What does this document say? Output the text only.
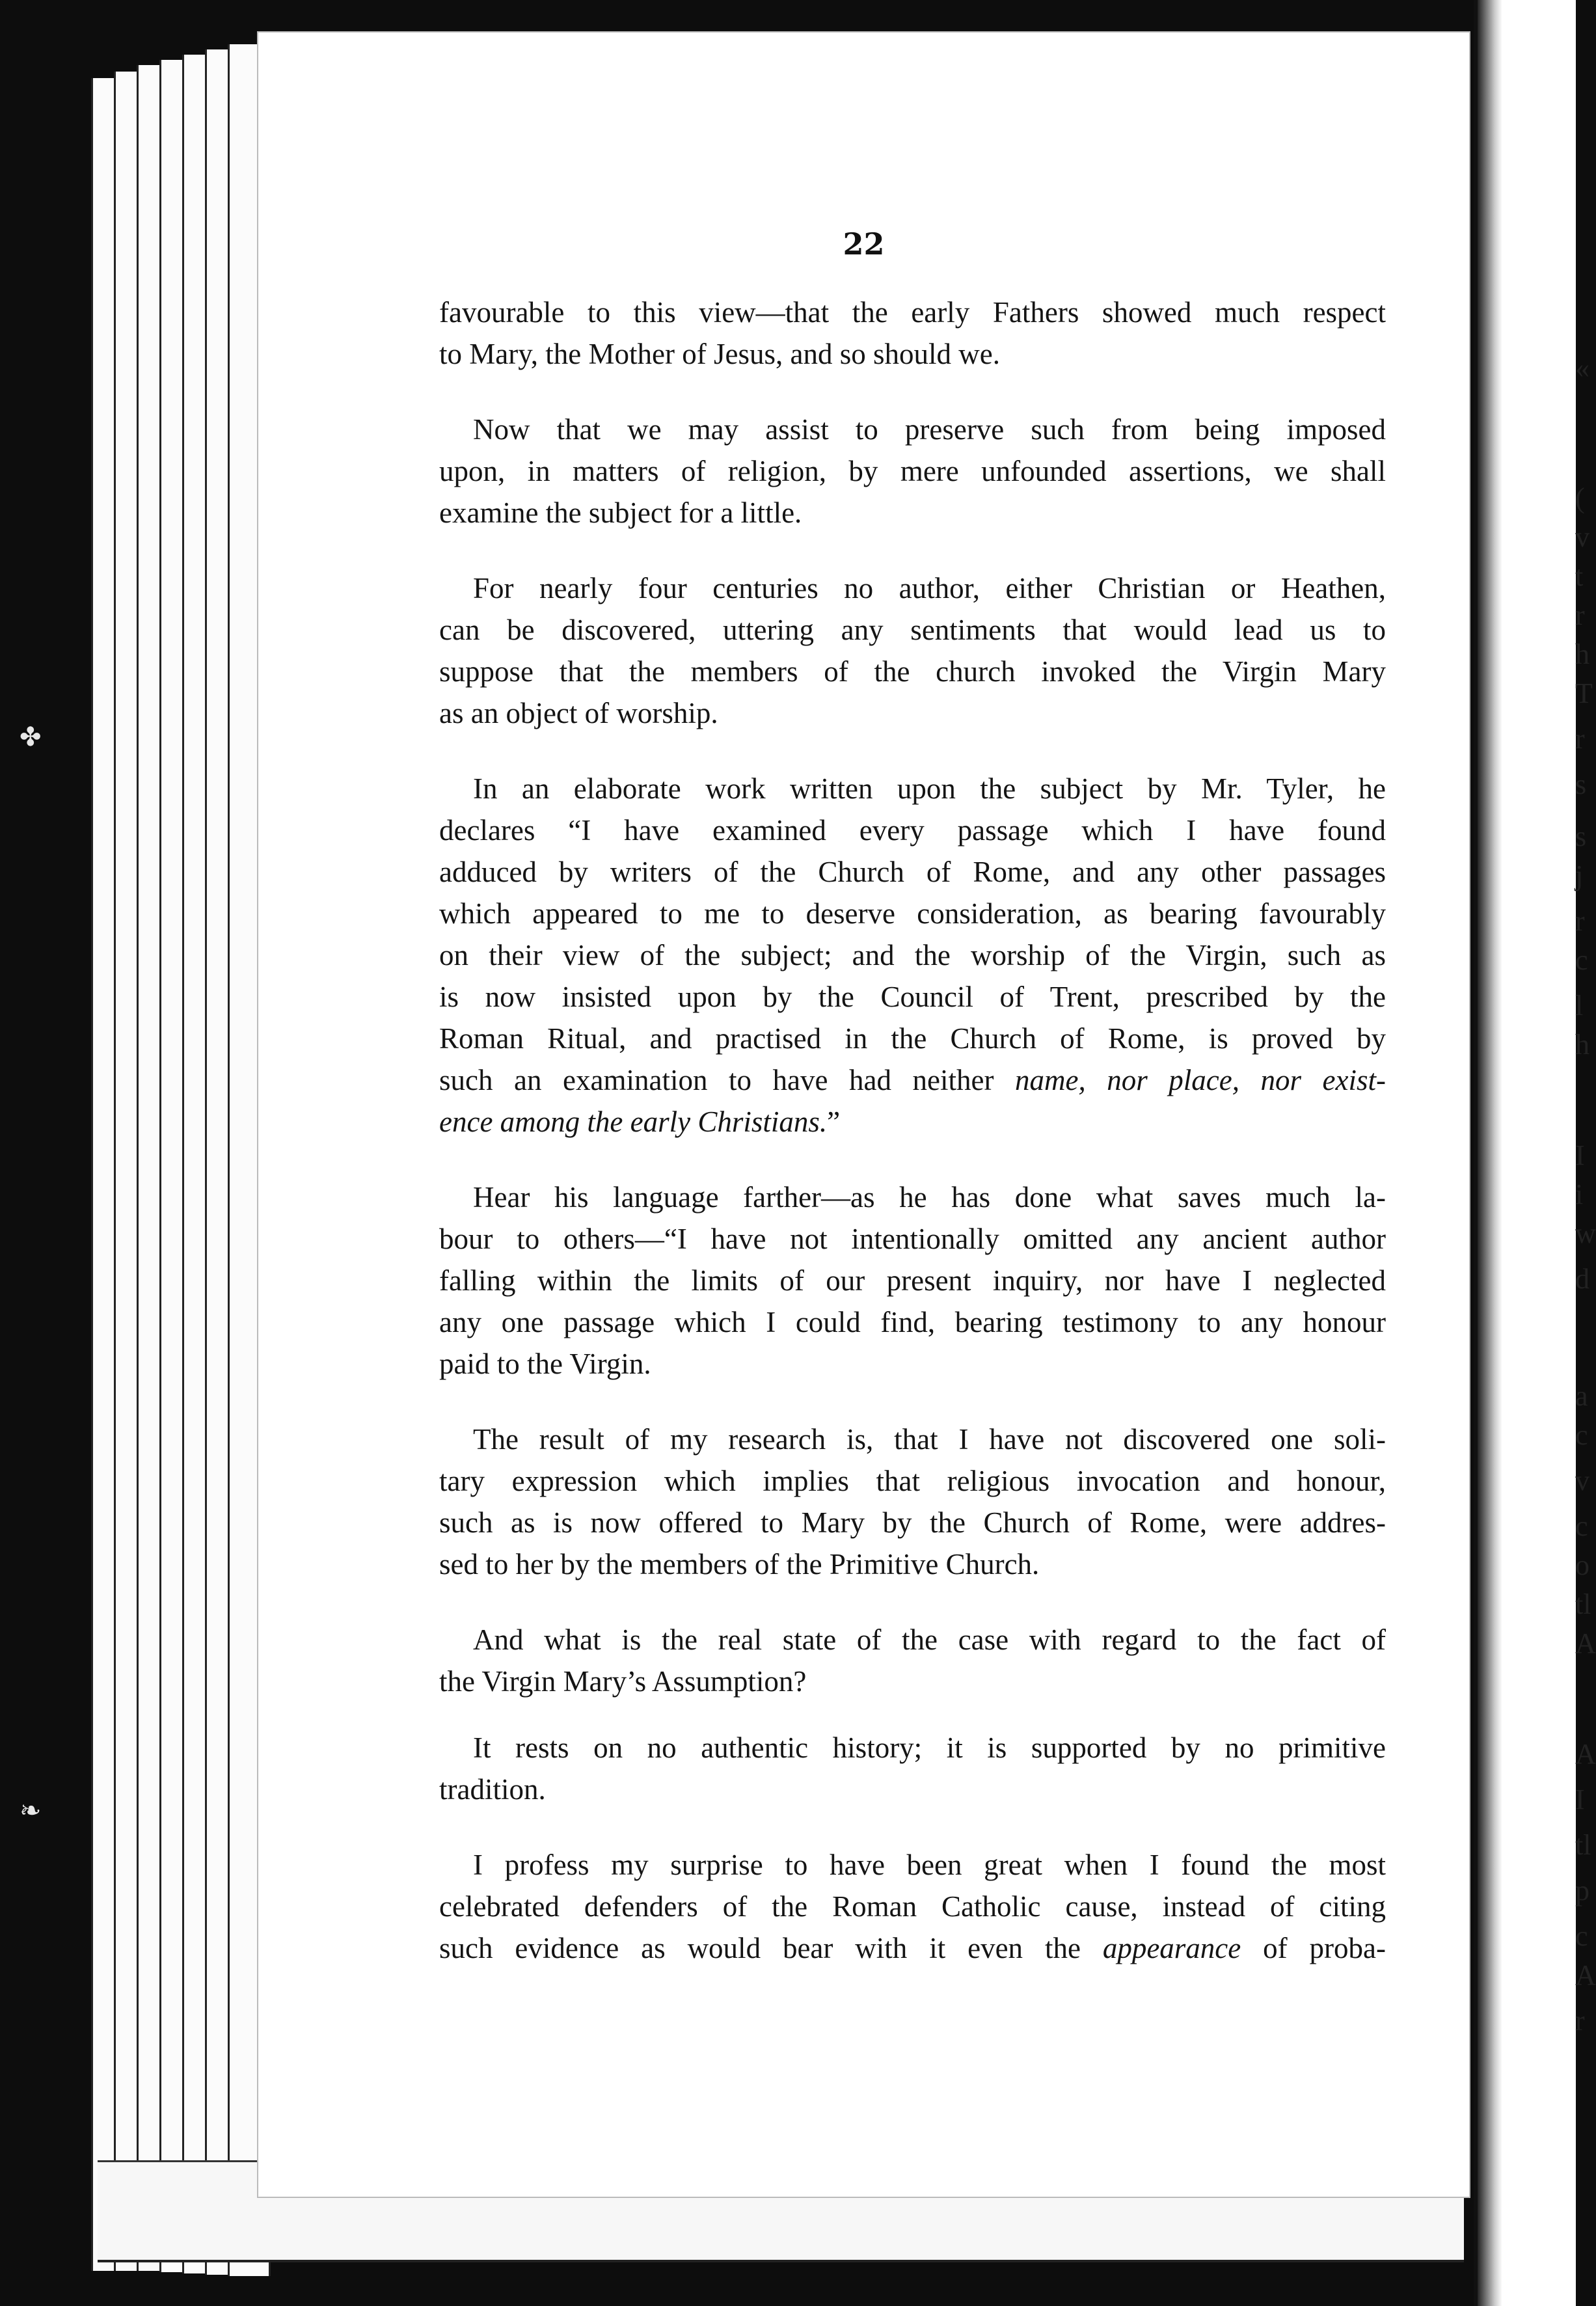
✤
❧
22
favourable to this view—that the early Fathers showed much respect
to Mary, the Mother of Jesus, and so should we.
Now that we may assist to preserve such from being imposed
upon, in matters of religion, by mere unfounded assertions, we shall
examine the subject for a little.
For nearly four centuries no author, either Christian or Heathen,
can be discovered, uttering any sentiments that would lead us to
suppose that the members of the church invoked the Virgin Mary
as an object of worship.
In an elaborate work written upon the subject by Mr. Tyler, he
declares “I have examined every passage which I have found
adduced by writers of the Church of Rome, and any other passages
which appeared to me to deserve consideration, as bearing favourably
on their view of the subject; and the worship of the Virgin, such as
is now insisted upon by the Council of Trent, prescribed by the
Roman Ritual, and practised in the Church of Rome, is proved by
such an examination to have had neither name, nor place, nor exist-
ence among the early Christians.”
Hear his language farther—as he has done what saves much la-
bour to others—“I have not intentionally omitted any ancient author
falling within the limits of our present inquiry, nor have I neglected
any one passage which I could find, bearing testimony to any honour
paid to the Virgin.
The result of my research is, that I have not discovered one soli-
tary expression which implies that religious invocation and honour,
such as is now offered to Mary by the Church of Rome, were addres-
sed to her by the members of the Primitive Church.
And what is the real state of the case with regard to the fact of
the Virgin Mary’s Assumption?
It rests on no authentic history; it is supported by no primitive
tradition.
I profess my surprise to have been great when I found the most
celebrated defenders of the Roman Catholic cause, instead of citing
such evidence as would bear with it even the appearance of proba-
«
(
v
t
r
h
T
r
s
s
j
r
c
l
h
I
i
w
d
a
c
v
c
o
tl
A
A
I
tl
p
c
A
r
